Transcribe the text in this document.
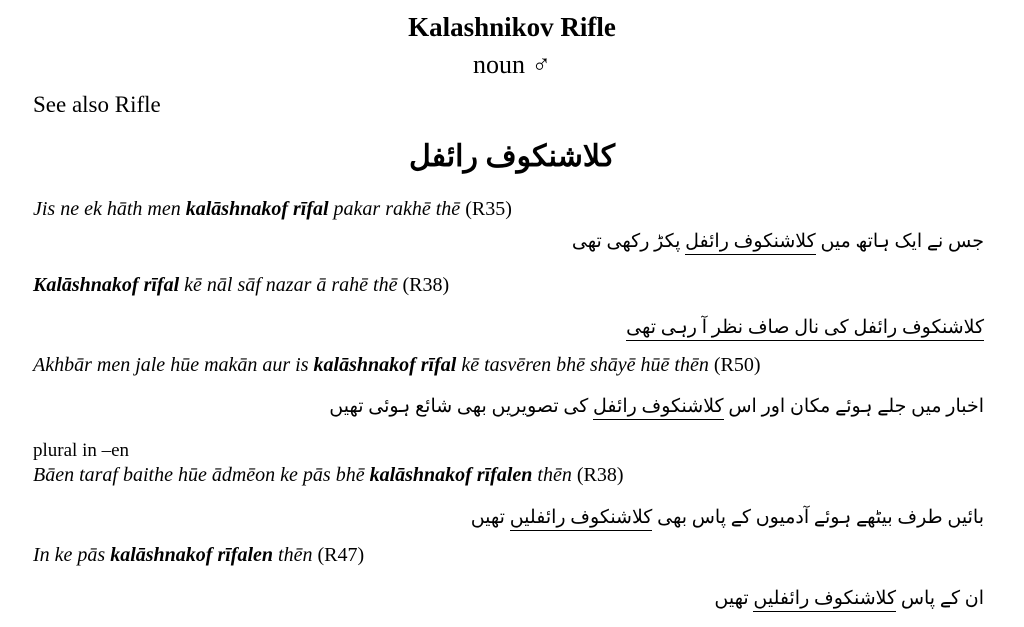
Kalashnikov Rifle
noun ♂
See also Rifle
کلاشنکوف رائفل
Jis ne ek hāth men kalāshnakof rīfal pakar rakhē thē (R35)
جس نے ایک ہاتھ میں کلاشنکوف رائفل پکڑ رکھی تھی
Kalāshnakof rīfal kē nāl sāf nazar ā rahē thē (R38)
کلاشنکوف رائفل کی نال صاف نظر آ رہی تھی
Akhbār men jale hūe makān aur is kalāshnakof rīfal kē tasvēren bhē shāyē hūē thēn (R50)
اخبار میں جلے ہوئے مکان اور اس کلاشنکوف رائفل کی تصویریں بھی شائع ہوئی تھیں
plural in –en
Bāen taraf baithe hūe ādmēon ke pās bhē kalāshnakof rīfalen thēn (R38)
بائیں طرف بیٹھے ہوئے آدمیوں کے پاس بھی کلاشنکوف رائفلیں تھیں
In ke pās kalāshnakof rīfalen thēn (R47)
ان کے پاس کلاشنکوف رائفلیں تھیں
